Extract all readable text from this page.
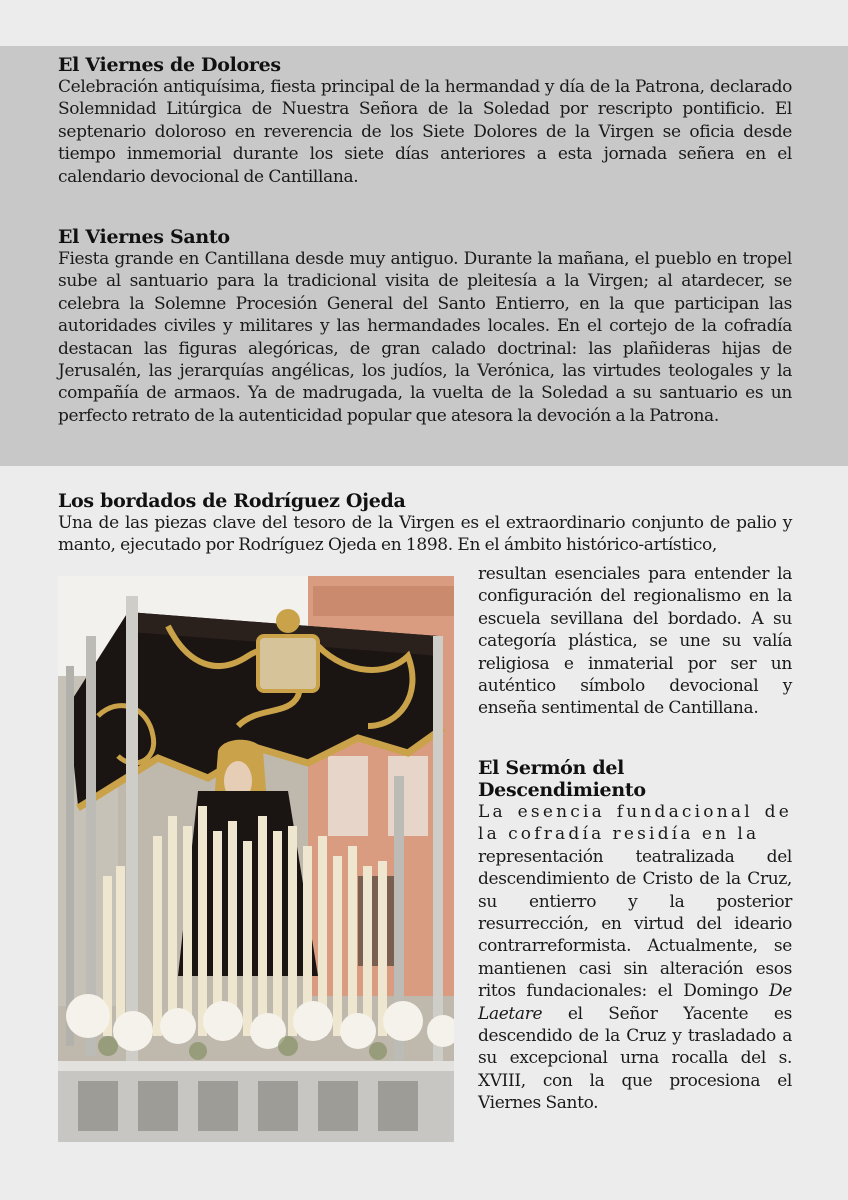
El Viernes de Dolores

Celebración antiquísima, fiesta principal de la hermandad y día de la Patrona, declarado Solemnidad Litúrgica de Nuestra Señora de la Soledad por rescripto pontificio. El septenario doloroso en reverencia de los Siete Dolores de la Virgen se oficia desde tiempo inmemorial durante los siete días anteriores a esta jornada señera en el calendario devocional de Cantillana.

El Viernes Santo

Fiesta grande en Cantillana desde muy antiguo. Durante la mañana, el pueblo en tropel sube al santuario para la tradicional visita de pleitesía a la Virgen; al atardecer, se celebra la Solemne Procesión General del Santo Entierro, en la que participan las autoridades civiles y militares y las hermandades locales. En el cortejo de la cofradía destacan las figuras alegóricas, de gran calado doctrinal: las plañideras hijas de Jerusalén, las jerarquías angélicas, los judíos, la Verónica, las virtudes teologales y la compañía de armaos. Ya de madrugada, la vuelta de la Soledad a su santuario es un perfecto retrato de la autenticidad popular que atesora la devoción a la Patrona.

Los bordados de Rodríguez Ojeda

Una de las piezas clave del tesoro de la Virgen es el extraordinario conjunto de palio y manto, ejecutado por Rodríguez Ojeda en 1898. En el ámbito histórico-artístico,

resultan esenciales para entender la configuración del regionalismo en la escuela sevillana del bordado. A su categoría plástica, se une su valía religiosa e inmaterial por ser un auténtico símbolo devocional y enseña sentimental de Cantillana.

El Sermón del Descendimiento

La esencia fundacional de la cofradía residía en la

representación teatralizada del descendimiento de Cristo de la Cruz, su entierro y la posterior resurrección, en virtud del ideario contrarreformista. Actualmente, se mantienen casi sin alteración esos ritos fundacionales: el Domingo De Laetare el Señor Yacente es descendido de la Cruz y trasladado a su excepcional urna rocalla del s. XVIII, con la que procesiona el Viernes Santo.
